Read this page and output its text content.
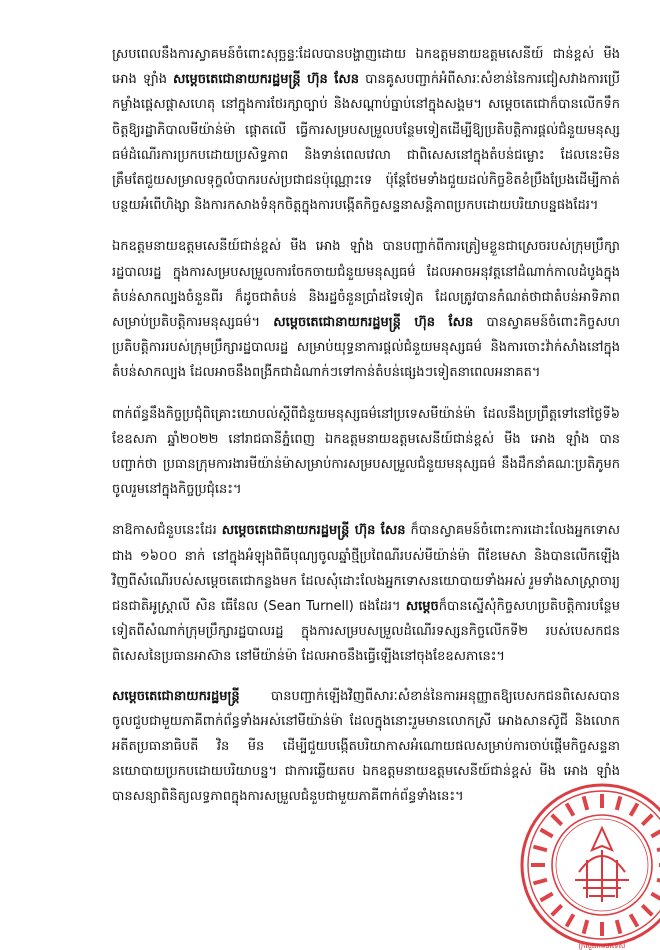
ស្របពេលនឹងការស្វាគមន៍ចំពោះសុច្ឆន្ទៈដែលបានបង្ហាញដោយ ឯកឧត្តមនាយឧត្តមសេនីយ៍ ជាន់ខ្ពស់ មីង អោង ឡាំង សម្ដេចតេជោនាយករដ្ឋមន្ត្រី ហ៊ុន សែន បានគូសបញ្ជាក់អំពីសារៈសំខាន់នៃការជៀសវាងការប្រើកម្លាំងផ្ដេសផ្ដាសហេតុ នៅក្នុងការថែរក្សាច្បាប់ និងសណ្ដាប់ធ្នាប់នៅក្នុងសង្គម។ សម្ដេចតេជោក៏បានលើកទឹកចិត្តឱ្យរដ្ឋាភិបាលមីយ៉ាន់ម៉ា ផ្ដោតលើ ធ្វើការសម្របសម្រួលបន្ថែមទៀតដើម្បីឱ្យប្រតិបត្តិការផ្ដល់ជំនួយមនុស្សធម៌ដំណើរការប្រកបដោយប្រសិទ្ធភាព និងទាន់ពេលវេលា ជាពិសេសនៅក្នុងតំបន់ជម្លោះ ដែលនេះមិនត្រឹមតែជួយសម្រាលទុក្ខលំបាករបស់ប្រជាជនប៉ុណ្ណោះទេ ប៉ុន្តែថែមទាំងជួយដល់កិច្ចខិតខំប្រឹងប្រែងដើម្បីកាត់បន្ថយអំពើហិង្សា និងការកសាងទំនុកចិត្តក្នុងការបង្កើតកិច្ចសន្ទនាសន្តិភាពប្រកបដោយបរិយាបន្នផងដែរ។

ឯកឧត្តមនាយឧត្តមសេនីយ៍ជាន់ខ្ពស់ មីង អោង ឡាំង បានបញ្ជាក់ពីការត្រៀមខ្លួនជាស្រេចរបស់ក្រុមប្រឹក្សារដ្ឋបាលរដ្ឋ ក្នុងការសម្របសម្រួលការចែកចាយជំនួយមនុស្សធម៌ ដែលអាចអនុវត្តនៅដំណាក់កាលដំបូងក្នុងតំបន់សាកល្បងចំនួនពីរ ក៏ដូចជាតំបន់ និងរដ្ឋចំនួនប្រាំដទៃទៀត ដែលត្រូវបានកំណត់ថាជាតំបន់អាទិភាពសម្រាប់ប្រតិបត្តិការមនុស្សធម៌។ សម្ដេចតេជោនាយករដ្ឋមន្ត្រី ហ៊ុន សែន បានស្វាគមន៍ចំពោះកិច្ចសហប្រតិបត្តិការរបស់ក្រុមប្រឹក្សារដ្ឋបាលរដ្ឋ សម្រាប់យុទ្ធនាការផ្ដល់ជំនួយមនុស្សធម៌ និងការចោះវ៉ាក់សាំងនៅក្នុងតំបន់សាកល្បង ដែលអាចនឹងពង្រីកជាដំណាក់ៗទៅកាន់តំបន់ផ្សេងៗទៀតនាពេលអនាគត។

ពាក់ព័ន្ធនឹងកិច្ចប្រជុំពិគ្រោះយោបល់ស្ដីពីជំនួយមនុស្សធម៌នៅប្រទេសមីយ៉ាន់ម៉ា ដែលនឹងប្រព្រឹត្តទៅនៅថ្ងៃទី៦ ខែឧសភា ឆ្នាំ២០២២ នៅរាជធានីភ្នំពេញ ឯកឧត្តមនាយឧត្តមសេនីយ៍ជាន់ខ្ពស់ មីង អោង ឡាំង បានបញ្ជាក់ថា ប្រធានក្រុមការងារមីយ៉ាន់ម៉ាសម្រាប់ការសម្របសម្រួលជំនួយមនុស្សធម៌ នឹងដឹកនាំគណៈប្រតិភូមកចូលរួមនៅក្នុងកិច្ចប្រជុំនេះ។

នាឱកាសជំនួបនេះដែរ សម្ដេចតេជោនាយករដ្ឋមន្ត្រី ហ៊ុន សែន ក៏បានស្វាគមន៍ចំពោះការដោះលែងអ្នកទោសជាង ១៦០០ នាក់ នៅក្នុងអំឡុងពិធីបុណ្យចូលឆ្នាំថ្មីប្រពៃណីរបស់មីយ៉ាន់ម៉ា ពីខែមេសា និងបានលើកឡើងវិញពីសំណើរបស់សម្ដេចតេជោកន្លងមក ដែលសុំដោះលែងអ្នកទោសនយោបាយទាំងអស់ រួមទាំងសាស្ត្រាចារ្យជនជាតិអូស្ត្រាលី សិន ធើនែល (Sean Turnell) ផងដែរ។ សម្ដេចក៏បានស្នើសុំកិច្ចសហប្រតិបត្តិការបន្ថែមទៀតពីសំណាក់ក្រុមប្រឹក្សារដ្ឋបាលរដ្ឋ ក្នុងការសម្របសម្រួលដំណើរទស្សនកិច្ចលើកទី២ របស់បេសកជនពិសេសនៃប្រធានអាស៊ាន នៅមីយ៉ាន់ម៉ា ដែលអាចនឹងធ្វើឡើងនៅចុងខែឧសភានេះ។

សម្ដេចតេជោនាយករដ្ឋមន្ត្រី បានបញ្ជាក់ឡើងវិញពីសារៈសំខាន់នៃការអនុញ្ញាតឱ្យបេសកជនពិសេសបានចូលជួបជាមួយភាគីពាក់ព័ន្ធទាំងអស់នៅមីយ៉ាន់ម៉ា ដែលក្នុងនោះរួមមានលោកស្រី អោងសានស៊ូជី និងលោកអតីតប្រធានាធិបតី វិន មីន ដើម្បីជួយបង្កើតបរិយាកាសអំណោយផលសម្រាប់ការចាប់ផ្ដើមកិច្ចសន្ទនានយោបាយប្រកបដោយបរិយាបន្ន។ ជាការឆ្លើយតប ឯកឧត្តមនាយឧត្តមសេនីយ៍ជាន់ខ្ពស់ មីង អោង ឡាំង បានសន្យាពិនិត្យលទ្ធភាពក្នុងការសម្រួលជំនួបជាមួយភាគីពាក់ព័ន្ធទាំងនេះ។

ក្រសួងការបរទេស
